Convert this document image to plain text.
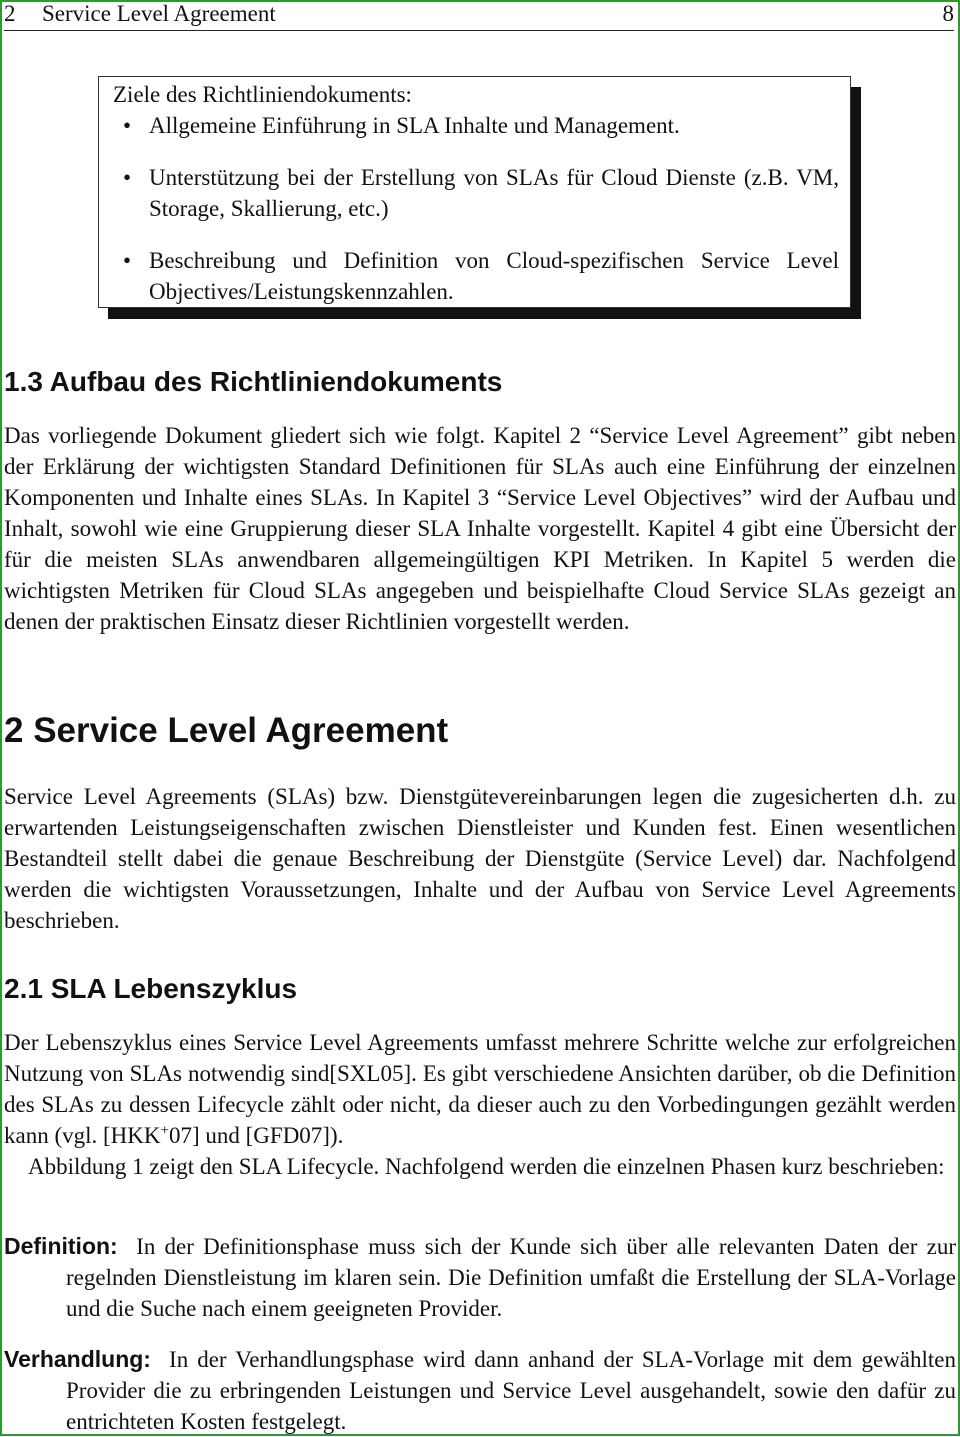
2 Service Level Agreement	8
Ziele des Richtliniendokuments:
• Allgemeine Einführung in SLA Inhalte und Management.
• Unterstützung bei der Erstellung von SLAs für Cloud Dienste (z.B. VM, Storage, Skallierung, etc.)
• Beschreibung und Definition von Cloud-spezifischen Service Level Objectives/Leistungskennzahlen.
1.3 Aufbau des Richtliniendokuments

Das vorliegende Dokument gliedert sich wie folgt. Kapitel 2 “Service Level Agreement” gibt neben der Erklärung der wichtigsten Standard Definitionen für SLAs auch eine Einführung der einzelnen Komponenten und Inhalte eines SLAs. In Kapitel 3 “Service Level Objectives” wird der Aufbau und Inhalt, sowohl wie eine Gruppierung dieser SLA Inhalte vorgestellt. Kapitel 4 gibt eine Übersicht der für die meisten SLAs anwendbaren allgemeingültigen KPI Metriken. In Kapitel 5 werden die wichtigsten Metriken für Cloud SLAs angegeben und beispielhafte Cloud Service SLAs gezeigt an denen der praktischen Einsatz dieser Richtlinien vorgestellt werden.

2 Service Level Agreement

Service Level Agreements (SLAs) bzw. Dienstgütevereinbarungen legen die zugesicherten d.h. zu erwartenden Leistungseigenschaften zwischen Dienstleister und Kunden fest. Einen wesentlichen Bestandteil stellt dabei die genaue Beschreibung der Dienstgüte (Service Level) dar. Nachfolgend werden die wichtigsten Voraussetzungen, Inhalte und der Aufbau von Service Level Agreements beschrieben.

2.1 SLA Lebenszyklus

Der Lebenszyklus eines Service Level Agreements umfasst mehrere Schritte welche zur erfolgreichen Nutzung von SLAs notwendig sind[SXL05]. Es gibt verschiedene Ansichten darüber, ob die Definition des SLAs zu dessen Lifecycle zählt oder nicht, da dieser auch zu den Vorbedingungen gezählt werden kann (vgl. [HKK+07] und [GFD07]).

Abbildung 1 zeigt den SLA Lifecycle. Nachfolgend werden die einzelnen Phasen kurz beschrieben:

Definition: In der Definitionsphase muss sich der Kunde sich über alle relevanten Daten der zur regelnden Dienstleistung im klaren sein. Die Definition umfaßt die Erstellung der SLA-Vorlage und die Suche nach einem geeigneten Provider.
Verhandlung: In der Verhandlungsphase wird dann anhand der SLA-Vorlage mit dem gewählten Provider die zu erbringenden Leistungen und Service Level ausgehandelt, sowie den dafür zu entrichteten Kosten festgelegt.
